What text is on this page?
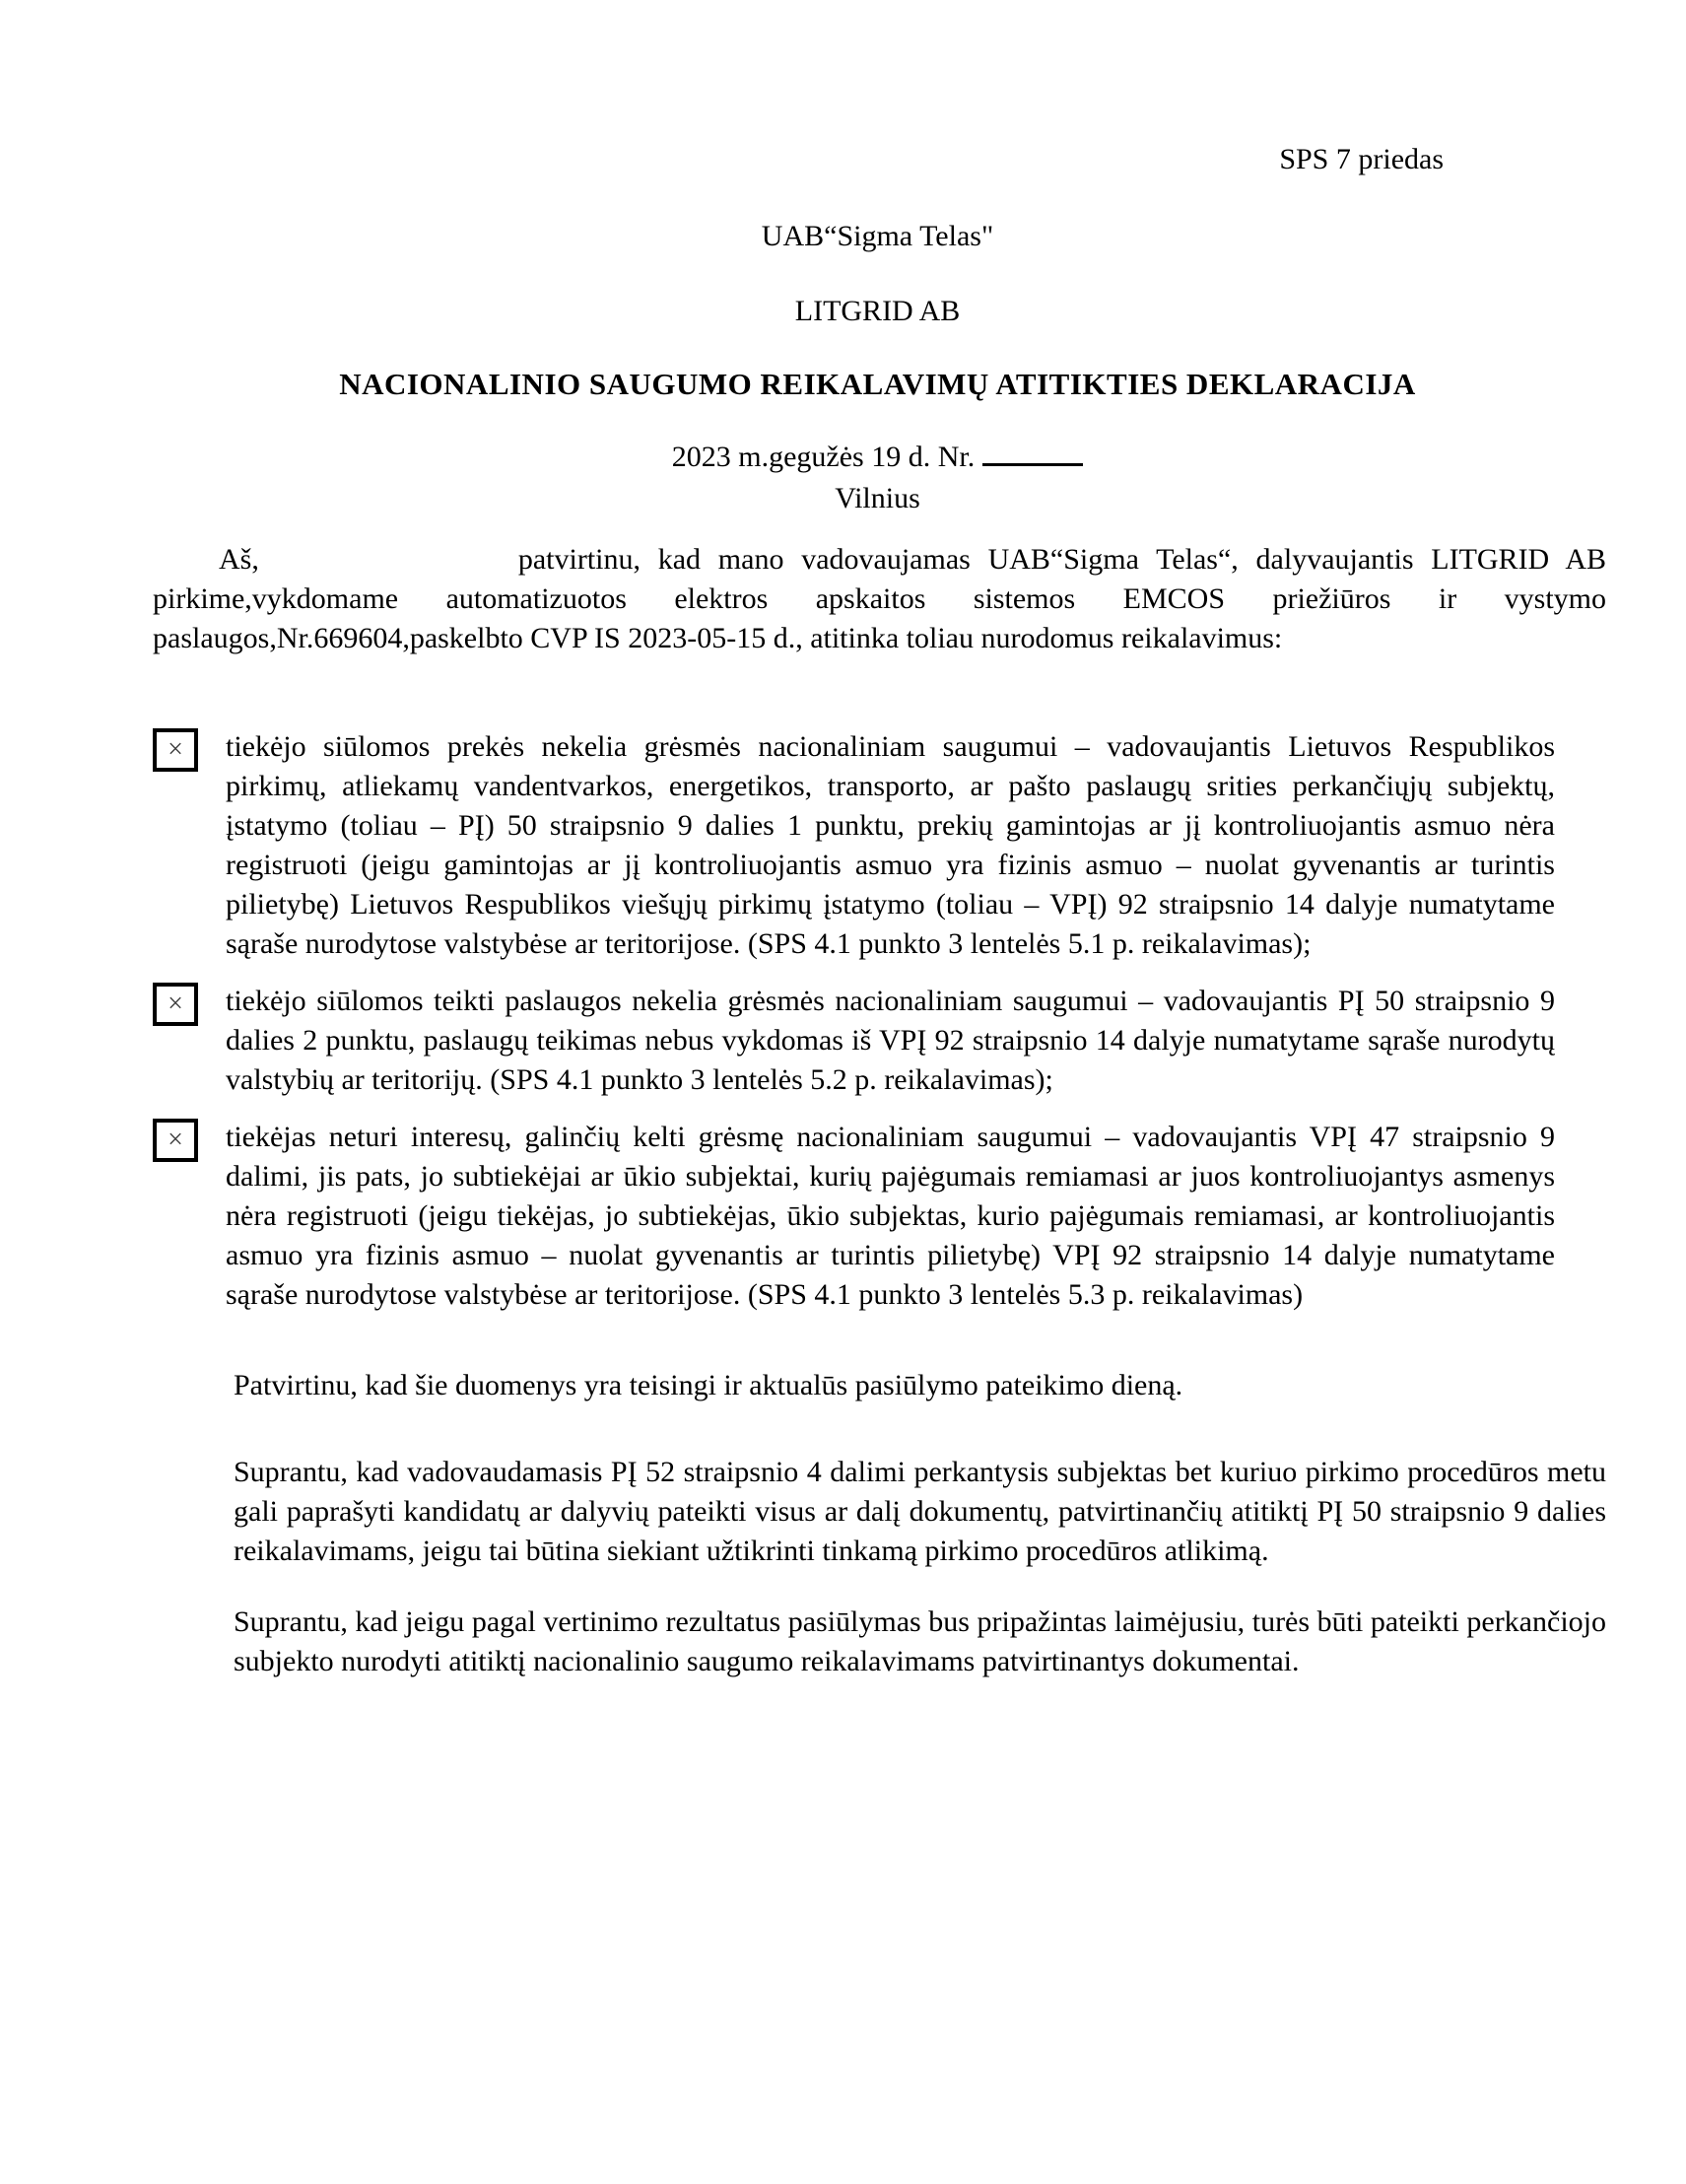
SPS 7 priedas
UAB“Sigma Telas"
LITGRID AB
NACIONALINIO SAUGUMO REIKALAVIMŲ ATITIKTIES DEKLARACIJA
2023 m.gegužės 19 d. Nr.
Vilnius

Aš,	patvirtinu, kad mano vadovaujamas UAB“Sigma Telas“, dalyvaujantis LITGRID AB pirkime,vykdomame automatizuotos elektros apskaitos sistemos EMCOS priežiūros ir vystymo paslaugos,Nr.669604,paskelbto CVP IS 2023-05-15 d., atitinka toliau nurodomus reikalavimus:

× tiekėjo siūlomos prekės nekelia grėsmės nacionaliniam saugumui – vadovaujantis Lietuvos Respublikos pirkimų, atliekamų vandentvarkos, energetikos, transporto, ar pašto paslaugų srities perkančiųjų subjektų, įstatymo (toliau – PĮ) 50 straipsnio 9 dalies 1 punktu, prekių gamintojas ar jį kontroliuojantis asmuo nėra registruoti (jeigu gamintojas ar jį kontroliuojantis asmuo yra fizinis asmuo – nuolat gyvenantis ar turintis pilietybę) Lietuvos Respublikos viešųjų pirkimų įstatymo (toliau – VPĮ) 92 straipsnio 14 dalyje numatytame sąraše nurodytose valstybėse ar teritorijose. (SPS 4.1 punkto 3 lentelės 5.1 p. reikalavimas);

× tiekėjo siūlomos teikti paslaugos nekelia grėsmės nacionaliniam saugumui – vadovaujantis PĮ 50 straipsnio 9 dalies 2 punktu, paslaugų teikimas nebus vykdomas iš VPĮ 92 straipsnio 14 dalyje numatytame sąraše nurodytų valstybių ar teritorijų. (SPS 4.1 punkto 3 lentelės 5.2 p. reikalavimas);

× tiekėjas neturi interesų, galinčių kelti grėsmę nacionaliniam saugumui – vadovaujantis VPĮ 47 straipsnio 9 dalimi, jis pats, jo subtiekėjai ar ūkio subjektai, kurių pajėgumais remiamasi ar juos kontroliuojantys asmenys nėra registruoti (jeigu tiekėjas, jo subtiekėjas, ūkio subjektas, kurio pajėgumais remiamasi, ar kontroliuojantis asmuo yra fizinis asmuo – nuolat gyvenantis ar turintis pilietybę) VPĮ 92 straipsnio 14 dalyje numatytame sąraše nurodytose valstybėse ar teritorijose. (SPS 4.1 punkto 3 lentelės 5.3 p. reikalavimas)

Patvirtinu, kad šie duomenys yra teisingi ir aktualūs pasiūlymo pateikimo dieną.

Suprantu, kad vadovaudamasis PĮ 52 straipsnio 4 dalimi perkantysis subjektas bet kuriuo pirkimo procedūros metu gali paprašyti kandidatų ar dalyvių pateikti visus ar dalį dokumentų, patvirtinančių atitiktį PĮ 50 straipsnio 9 dalies reikalavimams, jeigu tai būtina siekiant užtikrinti tinkamą pirkimo procedūros atlikimą.

Suprantu, kad jeigu pagal vertinimo rezultatus pasiūlymas bus pripažintas laimėjusiu, turės būti pateikti perkančiojo subjekto nurodyti atitiktį nacionalinio saugumo reikalavimams patvirtinantys dokumentai.
